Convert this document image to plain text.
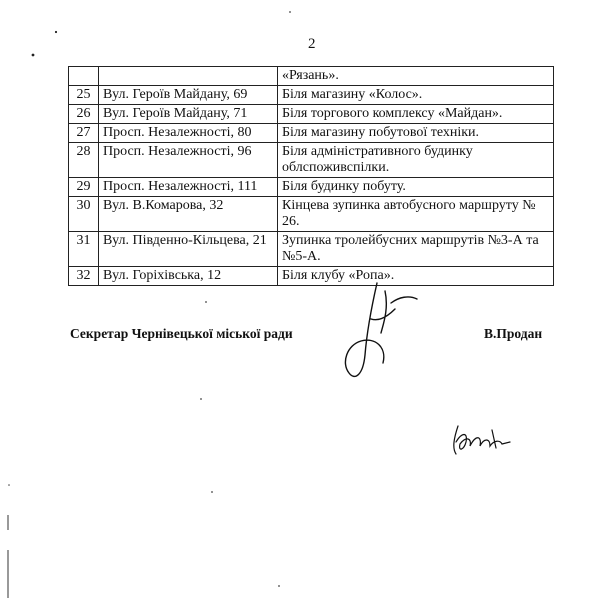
2
		«Рязань».
25	Вул. Героїв Майдану, 69	Біля магазину «Колос».
26	Вул. Героїв Майдану, 71	Біля торгового комплексу «Майдан».
27	Просп. Незалежності, 80	Біля магазину побутової техніки.
28	Просп. Незалежності, 96	Біля адміністративного будинку облспоживспілки.
29	Просп. Незалежності, 111	Біля будинку побуту.
30	Вул. В.Комарова, 32	Кінцева зупинка автобусного маршруту № 26.
31	Вул. Південно-Кільцева, 21	Зупинка тролейбусних маршрутів №3-А та №5-А.
32	Вул. Горіхівська, 12	Біля клубу «Ропа».
Секретар Чернівецької міської ради	В.Продан
